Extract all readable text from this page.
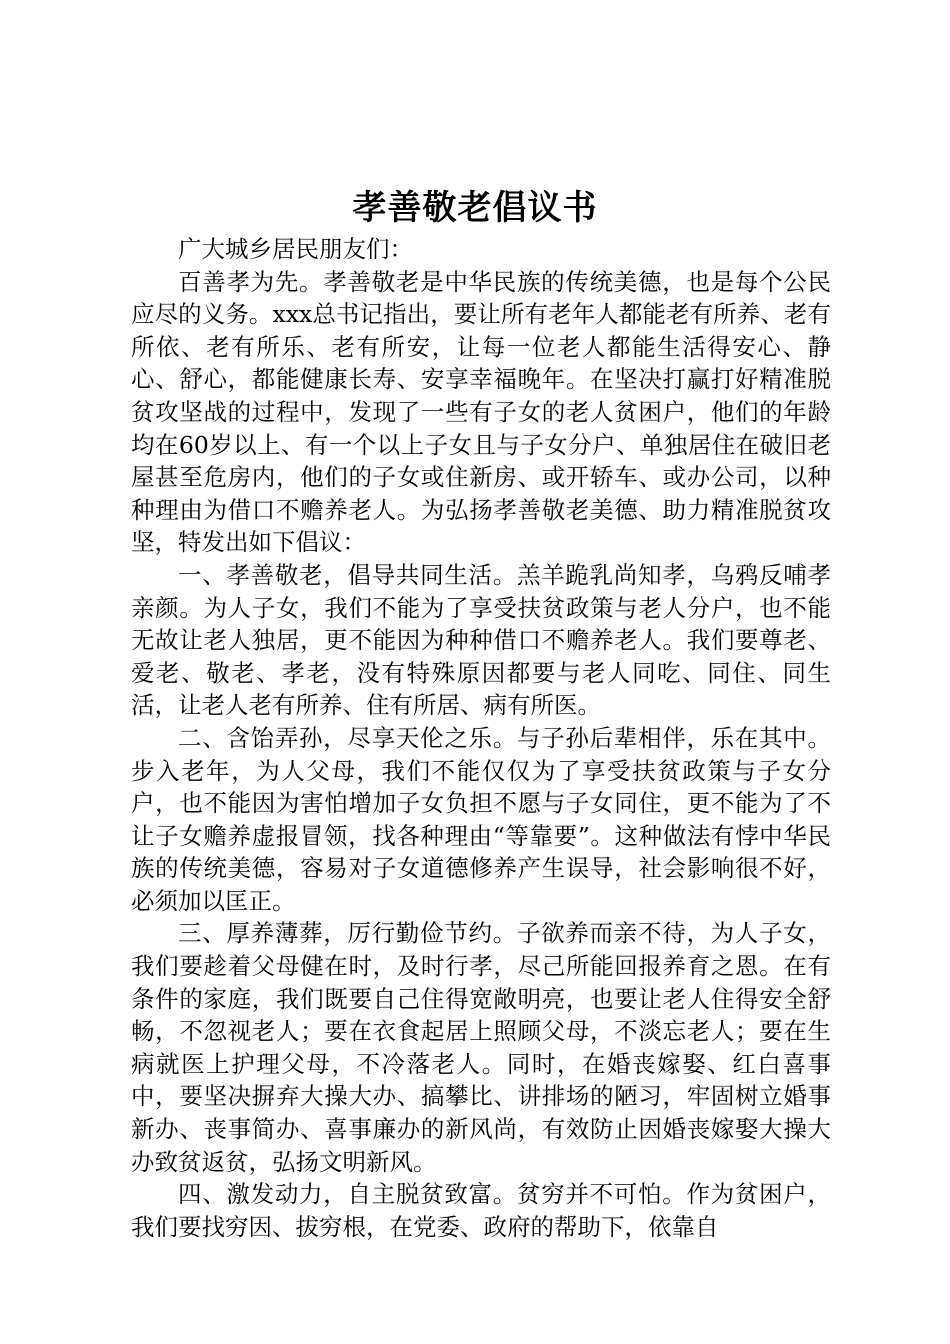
孝善敬老倡议书

广大城乡居民朋友们：

百善孝为先。孝善敬老是中华民族的传统美德，也是每个公民应尽的义务。xxx总书记指出，要让所有老年人都能老有所养、老有所依、老有所乐、老有所安，让每一位老人都能生活得安心、静心、舒心，都能健康长寿、安享幸福晚年。在坚决打赢打好精准脱贫攻坚战的过程中，发现了一些有子女的老人贫困户，他们的年龄均在60岁以上、有一个以上子女且与子女分户、单独居住在破旧老屋甚至危房内，他们的子女或住新房、或开轿车、或办公司，以种种理由为借口不赡养老人。为弘扬孝善敬老美德、助力精准脱贫攻坚，特发出如下倡议：

一、孝善敬老，倡导共同生活。羔羊跪乳尚知孝，乌鸦反哺孝亲颜。为人子女，我们不能为了享受扶贫政策与老人分户，也不能无故让老人独居，更不能因为种种借口不赡养老人。我们要尊老、爱老、敬老、孝老，没有特殊原因都要与老人同吃、同住、同生活，让老人老有所养、住有所居、病有所医。

二、含饴弄孙，尽享天伦之乐。与子孙后辈相伴，乐在其中。步入老年，为人父母，我们不能仅仅为了享受扶贫政策与子女分户，也不能因为害怕增加子女负担不愿与子女同住，更不能为了不让子女赡养虚报冒领，找各种理由“等靠要”。这种做法有悖中华民族的传统美德，容易对子女道德修养产生误导，社会影响很不好，必须加以匡正。

三、厚养薄葬，厉行勤俭节约。子欲养而亲不待，为人子女，我们要趁着父母健在时，及时行孝，尽己所能回报养育之恩。在有条件的家庭，我们既要自己住得宽敞明亮，也要让老人住得安全舒畅，不忽视老人；要在衣食起居上照顾父母，不淡忘老人；要在生病就医上护理父母，不冷落老人。同时，在婚丧嫁娶、红白喜事中，要坚决摒弃大操大办、搞攀比、讲排场的陋习，牢固树立婚事新办、丧事简办、喜事廉办的新风尚，有效防止因婚丧嫁娶大操大办致贫返贫，弘扬文明新风。

四、激发动力，自主脱贫致富。贫穷并不可怕。作为贫困户，我们要找穷因、拔穷根，在党委、政府的帮助下，依靠自
